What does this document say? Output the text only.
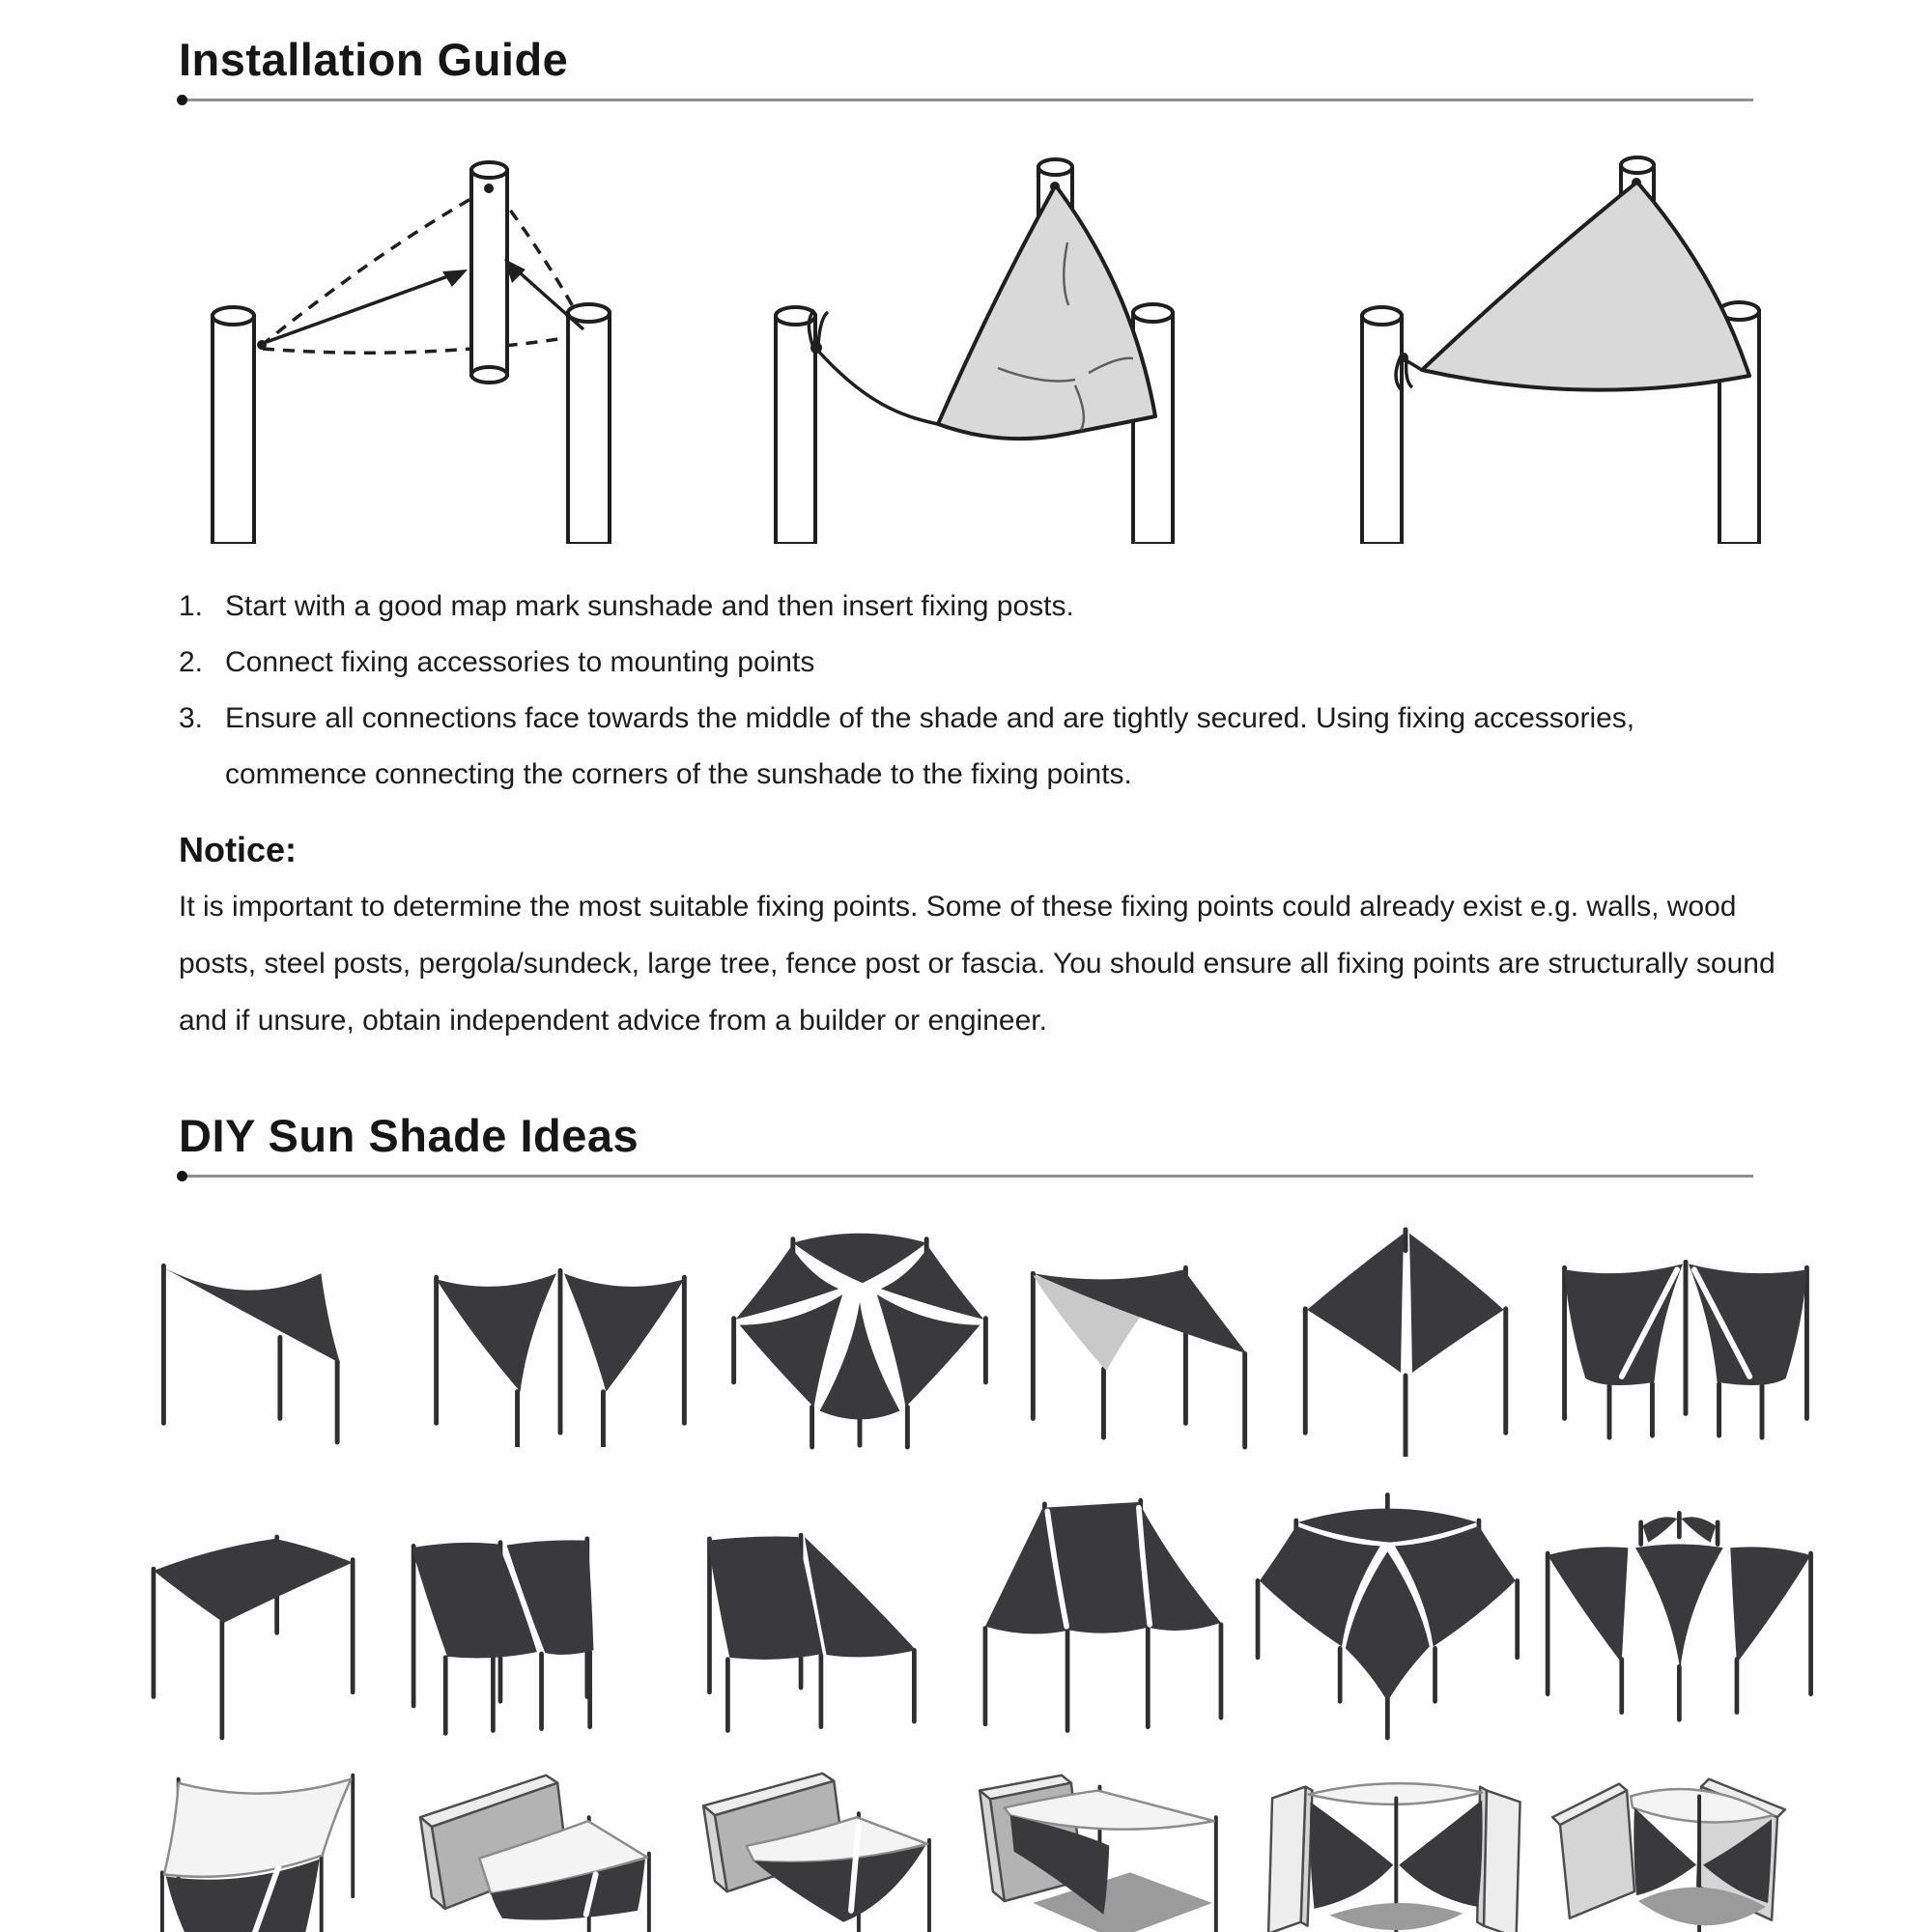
Installation Guide
1. Start with a good map mark sunshade and then insert fixing posts.
2. Connect fixing accessories to mounting points
3. Ensure all connections face towards the middle of the shade and are tightly secured. Using fixing accessories, commence connecting the corners of the sunshade to the fixing points.
Notice:
It is important to determine the most suitable fixing points. Some of these fixing points could already exist e.g. walls, wood posts, steel posts, pergola/sundeck, large tree, fence post or fascia. You should ensure all fixing points are structurally sound and if unsure, obtain independent advice from a builder or engineer.
DIY Sun Shade Ideas
